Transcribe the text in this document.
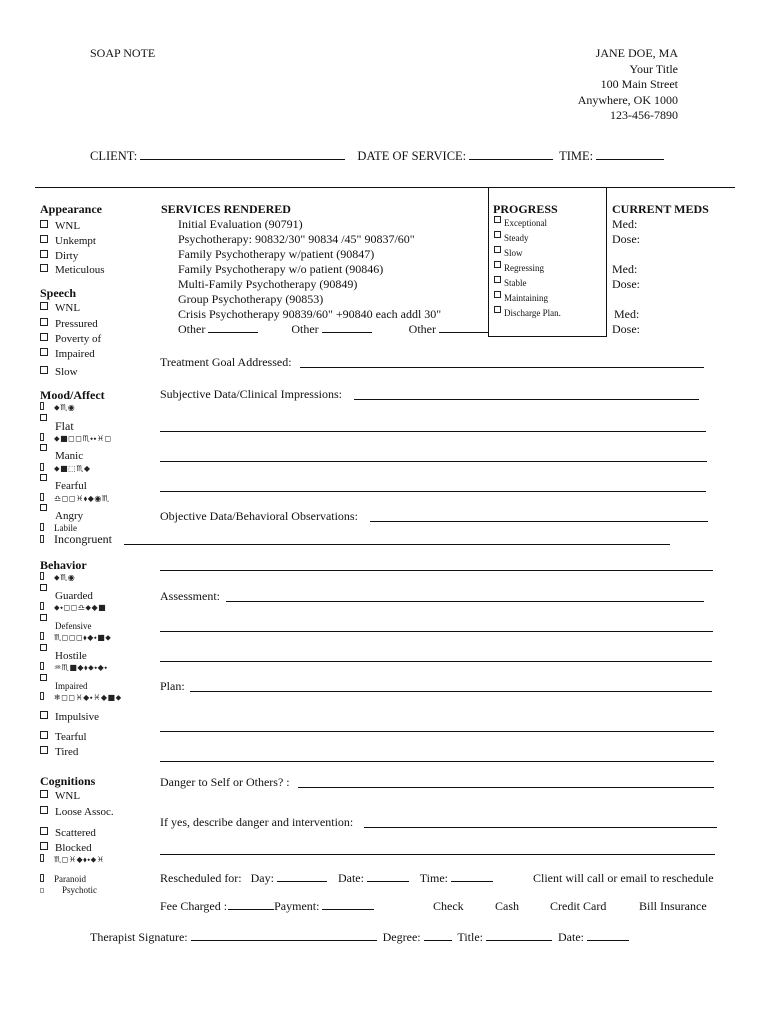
SOAP NOTE	JANE DOE, MA
Your Title
100 Main Street
Anywhere, OK 1000
123-456-7890
CLIENT:	DATE OF SERVICE:	TIME:
Appearance
WNL
Unkempt
Dirty
Meticulous
Speech
WNL
Pressured
Poverty of
Impaired
Slow
Mood/Affect
⬥♏◉
Flat
⬥■◻◻♏⬩⬩♓◻
Manic
⬥■⬚♏◆
Fearful
♎◻◻♓⬧◆◉♏
Angry
Labile
Incongruent
Behavior
⬥♏◉
Guarded
⬥⬩◻◻♎⬥◆■
Defensive
♏◻◻◻⬧◆⬩■⬥
Hostile
♒♏■◆⬧⬥⬩◆⬩
Impaired
❄◻◻♓◆⬩♓◆■⬥
Impulsive
Tearful
Tired
Cognitions
WNL
Loose Assoc.
Scattered
Blocked
♏◻♓◆⬧⬩⬥♓
Paranoid
Psychotic
SERVICES RENDERED
Initial Evaluation (90791)
Psychotherapy: 90832/30" 90834 /45" 90837/60"
Family Psychotherapy w/patient (90847)
Family Psychotherapy w/o patient (90846)
Multi-Family Psychotherapy (90849)
Group Psychotherapy (90853)
Crisis Psychotherapy 90839/60" +90840 each addl 30"
Other	Other	Other
PROGRESS
Exceptional
Steady
Slow
Regressing
Stable
Maintaining
Discharge Plan.
CURRENT MEDS
Med:
Dose:
Med:
Dose:
Med:
Dose:
Treatment Goal Addressed:
Subjective Data/Clinical Impressions:
Objective Data/Behavioral Observations:
Assessment:
Plan:
Danger to Self or Others? :
If yes, describe danger and intervention:
Rescheduled for: Day:	Date:	Time:	Client will call or email to reschedule
Fee Charged :	Payment:	Check	Cash	Credit Card	Bill Insurance
Therapist Signature:	Degree:	Title:	Date:
